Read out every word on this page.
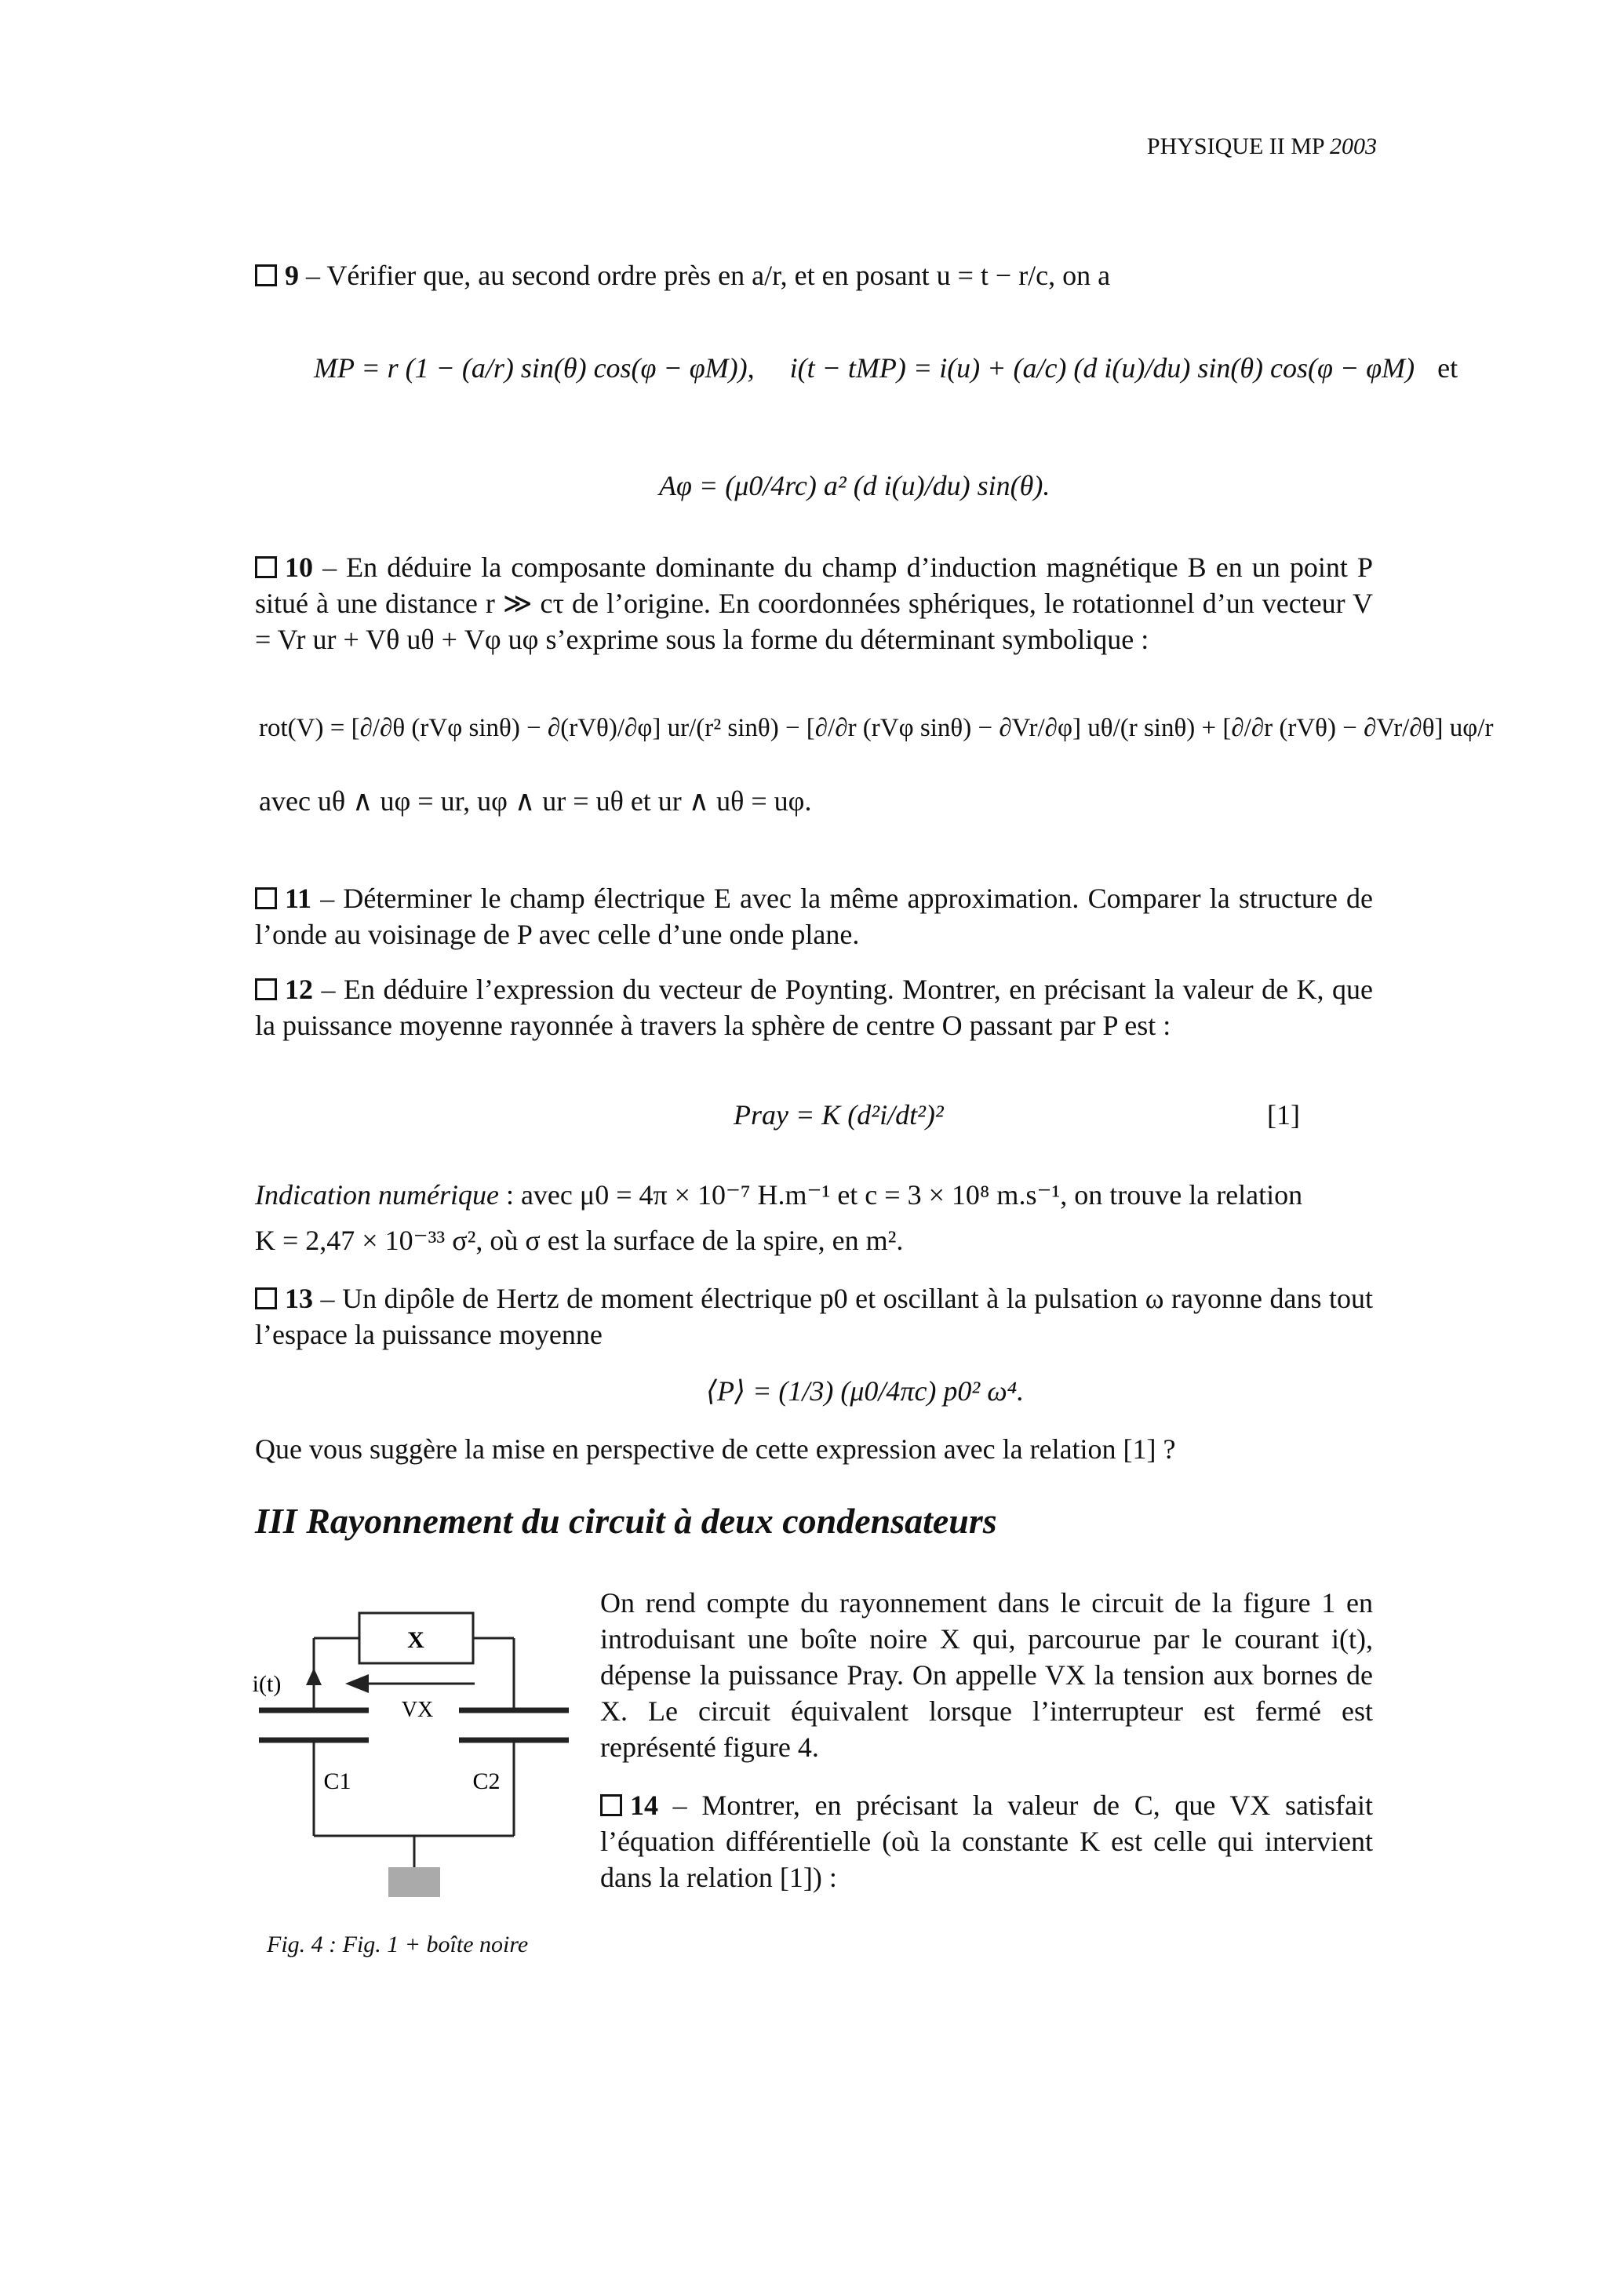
PHYSIQUE II MP 2003
9 – Vérifier que, au second ordre près en a/r, et en posant u = t − r/c, on a
MP = r (1 − (a/r) sin(θ) cos(φ − φM)), i(t − tMP) = i(u) + (a/c) (d i(u)/du) sin(θ) cos(φ − φM) et
Aφ = (μ0/4rc) a² (d i(u)/du) sin(θ).
10 – En déduire la composante dominante du champ d’induction magnétique B en un point P situé à une distance r ≫ cτ de l’origine. En coordonnées sphériques, le rotationnel d’un vecteur V = Vr ur + Vθ uθ + Vφ uφ s’exprime sous la forme du déterminant symbolique :
rot(V) = [∂/∂θ (rVφ sinθ) − ∂(rVθ)/∂φ] ur/(r² sinθ) − [∂/∂r (rVφ sinθ) − ∂Vr/∂φ] uθ/(r sinθ) + [∂/∂r (rVθ) − ∂Vr/∂θ] uφ/r
avec uθ ∧ uφ = ur, uφ ∧ ur = uθ et ur ∧ uθ = uφ.
11 – Déterminer le champ électrique E avec la même approximation. Comparer la structure de l’onde au voisinage de P avec celle d’une onde plane.
12 – En déduire l’expression du vecteur de Poynting. Montrer, en précisant la valeur de K, que la puissance moyenne rayonnée à travers la sphère de centre O passant par P est :
Pray = K (d²i/dt²)²	[1]
Indication numérique : avec μ0 = 4π × 10⁻⁷ H.m⁻¹ et c = 3 × 10⁸ m.s⁻¹, on trouve la relation
K = 2,47 × 10⁻³³ σ², où σ est la surface de la spire, en m².
13 – Un dipôle de Hertz de moment électrique p0 et oscillant à la pulsation ω rayonne dans tout l’espace la puissance moyenne
⟨P⟩ = (1/3) (μ0/4πc) p0² ω⁴.
Que vous suggère la mise en perspective de cette expression avec la relation [1] ?
III Rayonnement du circuit à deux condensateurs
X
i(t)
VX
C1	C2
Fig. 4 : Fig. 1 + boîte noire
On rend compte du rayonnement dans le circuit de la figure 1 en introduisant une boîte noire X qui, parcourue par le courant i(t), dépense la puissance Pray. On appelle VX la tension aux bornes de X. Le circuit équivalent lorsque l’interrupteur est fermé est représenté figure 4.
14 – Montrer, en précisant la valeur de C, que VX satisfait l’équation différentielle (où la constante K est celle qui intervient dans la relation [1]) :
